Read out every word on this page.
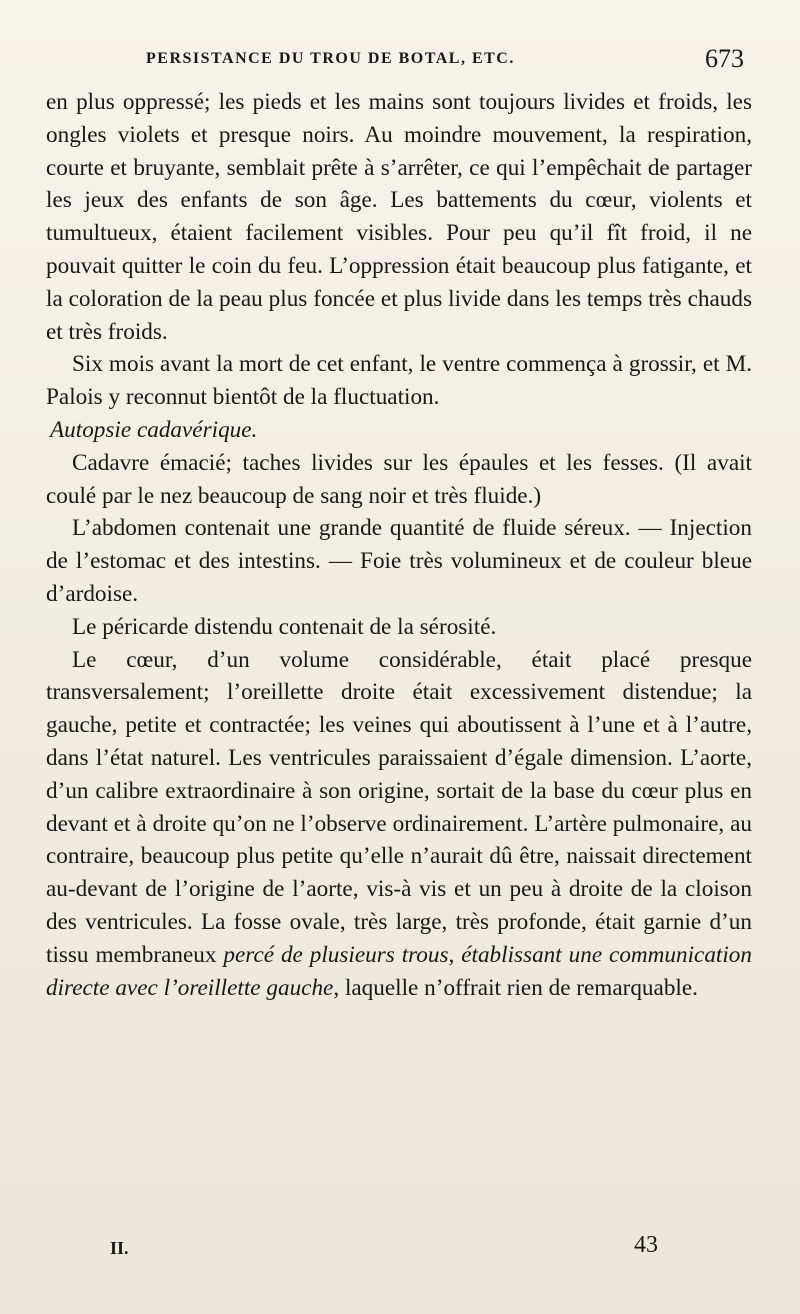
PERSISTANCE DU TROU DE BOTAL, ETC.	673

en plus oppressé; les pieds et les mains sont toujours livides et froids, les ongles violets et presque noirs. Au moindre mouvement, la respiration, courte et bruyante, semblait prête à s’arrêter, ce qui l’empêchait de partager les jeux des enfants de son âge. Les battements du cœur, violents et tumultueux, étaient facilement visibles. Pour peu qu’il fît froid, il ne pouvait quitter le coin du feu. L’oppression était beaucoup plus fatigante, et la coloration de la peau plus foncée et plus livide dans les temps très chauds et très froids.

Six mois avant la mort de cet enfant, le ventre commença à grossir, et M. Palois y reconnut bientôt de la fluctuation.

Autopsie cadavérique.

Cadavre émacié; taches livides sur les épaules et les fesses. (Il avait coulé par le nez beaucoup de sang noir et très fluide.)

L’abdomen contenait une grande quantité de fluide séreux. — Injection de l’estomac et des intestins. — Foie très volumineux et de couleur bleue d’ardoise.

Le péricarde distendu contenait de la sérosité.

Le cœur, d’un volume considérable, était placé presque transversalement; l’oreillette droite était excessivement distendue; la gauche, petite et contractée; les veines qui aboutissent à l’une et à l’autre, dans l’état naturel. Les ventricules paraissaient d’égale dimension. L’aorte, d’un calibre extraordinaire à son origine, sortait de la base du cœur plus en devant et à droite qu’on ne l’observe ordinairement. L’artère pulmonaire, au contraire, beaucoup plus petite qu’elle n’aurait dû être, naissait directement au-devant de l’origine de l’aorte, vis-à vis et un peu à droite de la cloison des ventricules. La fosse ovale, très large, très profonde, était garnie d’un tissu membraneux percé de plusieurs trous, établissant une communication directe avec l’oreillette gauche, laquelle n’offrait rien de remarquable.

II.	43
